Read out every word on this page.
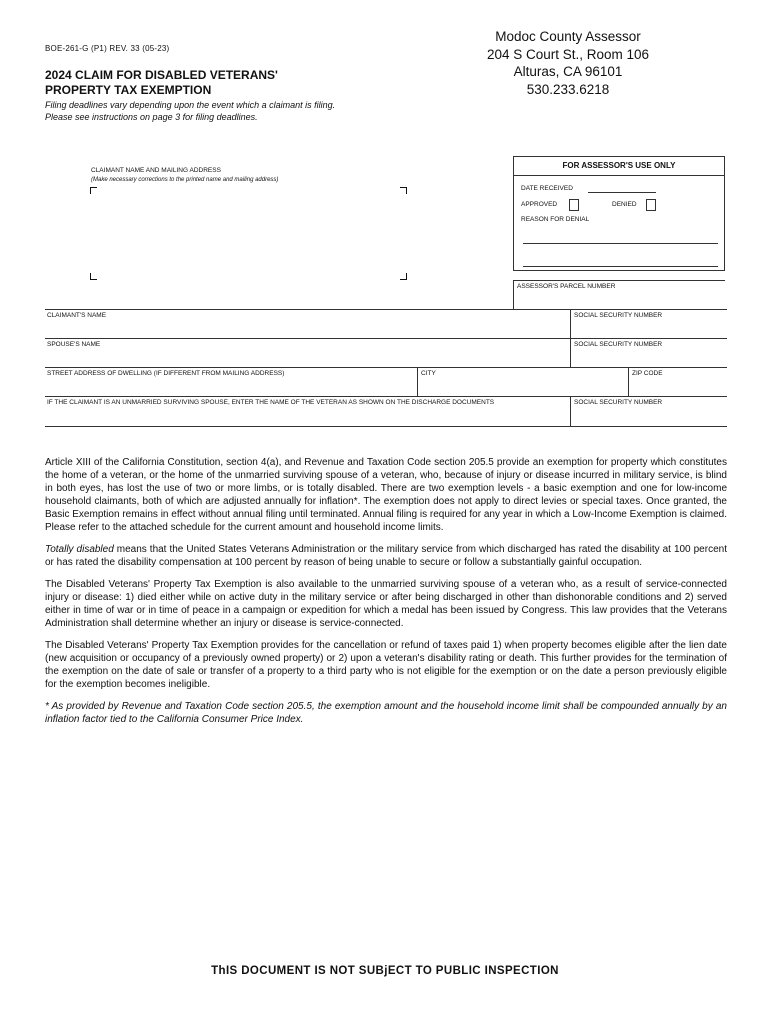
BOE-261-G (P1) REV. 33 (05-23)
Modoc County Assessor
204 S Court St., Room 106
Alturas, CA 96101
530.233.6218
2024 CLAIM FOR DISABLED VETERANS'
PROPERTY TAX EXEMPTION
Filing deadlines vary depending upon the event which a claimant is filing.
Please see instructions on page 3 for filing deadlines.
CLAIMANT NAME AND MAILING ADDRESS
(Make necessary corrections to the printed name and mailing address)
FOR ASSESSOR'S USE ONLY
DATE RECEIVED
APPROVED	DENIED
REASON FOR DENIAL
ASSESSOR'S PARCEL NUMBER
CLAIMANT'S NAME	SOCIAL SECURITY NUMBER
SPOUSE'S NAME	SOCIAL SECURITY NUMBER
STREET ADDRESS OF DWELLING (IF DIFFERENT FROM MAILING ADDRESS)	CITY	ZIP CODE
IF THE CLAIMANT IS AN UNMARRIED SURVIVING SPOUSE, ENTER THE NAME OF THE VETERAN AS SHOWN ON THE DISCHARGE DOCUMENTS	SOCIAL SECURITY NUMBER

Article XIII of the California Constitution, section 4(a), and Revenue and Taxation Code section 205.5 provide an exemption for property which constitutes the home of a veteran, or the home of the unmarried surviving spouse of a veteran, who, because of injury or disease incurred in military service, is blind in both eyes, has lost the use of two or more limbs, or is totally disabled. There are two exemption levels - a basic exemption and one for low-income household claimants, both of which are adjusted annually for inflation*. The exemption does not apply to direct levies or special taxes. Once granted, the Basic Exemption remains in effect without annual filing until terminated. Annual filing is required for any year in which a Low-Income Exemption is claimed. Please refer to the attached schedule for the current amount and household income limits.

Totally disabled means that the United States Veterans Administration or the military service from which discharged has rated the disability at 100 percent or has rated the disability compensation at 100 percent by reason of being unable to secure or follow a substantially gainful occupation.

The Disabled Veterans' Property Tax Exemption is also available to the unmarried surviving spouse of a veteran who, as a result of service-connected injury or disease: 1) died either while on active duty in the military service or after being discharged in other than dishonorable conditions and 2) served either in time of war or in time of peace in a campaign or expedition for which a medal has been issued by Congress. This law provides that the Veterans Administration shall determine whether an injury or disease is service-connected.

The Disabled Veterans' Property Tax Exemption provides for the cancellation or refund of taxes paid 1) when property becomes eligible after the lien date (new acquisition or occupancy of a previously owned property) or 2) upon a veteran's disability rating or death. This further provides for the termination of the exemption on the date of sale or transfer of a property to a third party who is not eligible for the exemption or on the date a person previously eligible for the exemption becomes ineligible.

* As provided by Revenue and Taxation Code section 205.5, the exemption amount and the household income limit shall be compounded annually by an inflation factor tied to the California Consumer Price Index.

ThIS DOCUMENT IS NOT SUBjECT TO PUBLIC INSPECTION
